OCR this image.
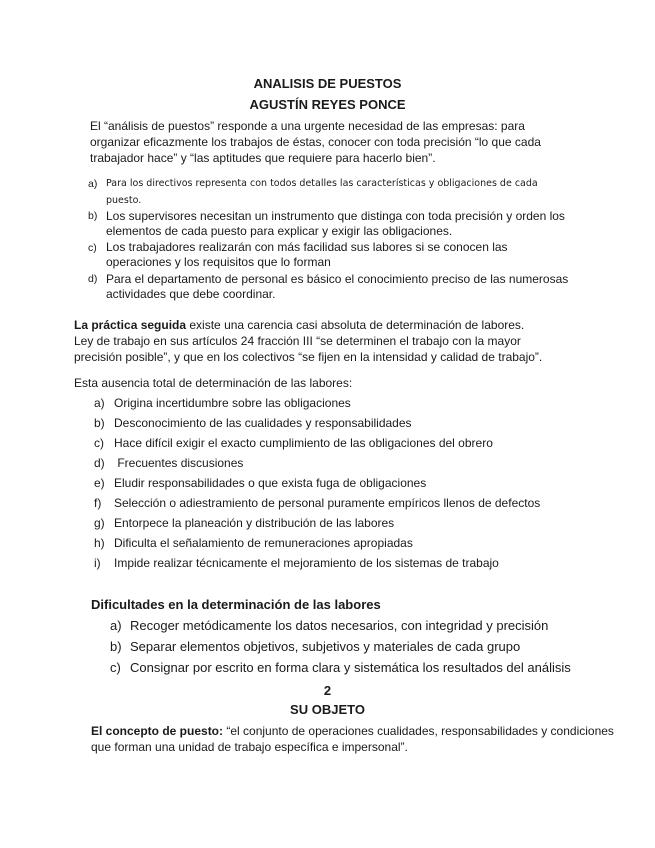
ANALISIS DE PUESTOS
AGUSTÍN REYES PONCE
El “análisis de puestos” responde a una urgente necesidad de las empresas: para
organizar eficazmente los trabajos de éstas, conocer con toda precisión “lo que cada
trabajador hace” y “las aptitudes que requiere para hacerlo bien”.
a) Para los directivos representa con todos detalles las características y obligaciones de cada
puesto.
b) Los supervisores necesitan un instrumento que distinga con toda precisión y orden los
elementos de cada puesto para explicar y exigir las obligaciones.
c) Los trabajadores realizarán con más facilidad sus labores si se conocen las
operaciones y los requisitos que lo forman
d) Para el departamento de personal es básico el conocimiento preciso de las numerosas
actividades que debe coordinar.
La práctica seguida existe una carencia casi absoluta de determinación de labores.
Ley de trabajo en sus artículos 24 fracción III “se determinen el trabajo con la mayor
precisión posible”, y que en los colectivos “se fijen en la intensidad y calidad de trabajo”.
Esta ausencia total de determinación de las labores:
a) Origina incertidumbre sobre las obligaciones
b) Desconocimiento de las cualidades y responsabilidades
c) Hace difícil exigir el exacto cumplimiento de las obligaciones del obrero
d) Frecuentes discusiones
e) Eludir responsabilidades o que exista fuga de obligaciones
f) Selección o adiestramiento de personal puramente empíricos llenos de defectos
g) Entorpece la planeación y distribución de las labores
h) Dificulta el señalamiento de remuneraciones apropiadas
i) Impide realizar técnicamente el mejoramiento de los sistemas de trabajo
Dificultades en la determinación de las labores
a) Recoger metódicamente los datos necesarios, con integridad y precisión
b) Separar elementos objetivos, subjetivos y materiales de cada grupo
c) Consignar por escrito en forma clara y sistemática los resultados del análisis
2
SU OBJETO
El concepto de puesto: “el conjunto de operaciones cualidades, responsabilidades y condiciones
que forman una unidad de trabajo específica e impersonal”.
